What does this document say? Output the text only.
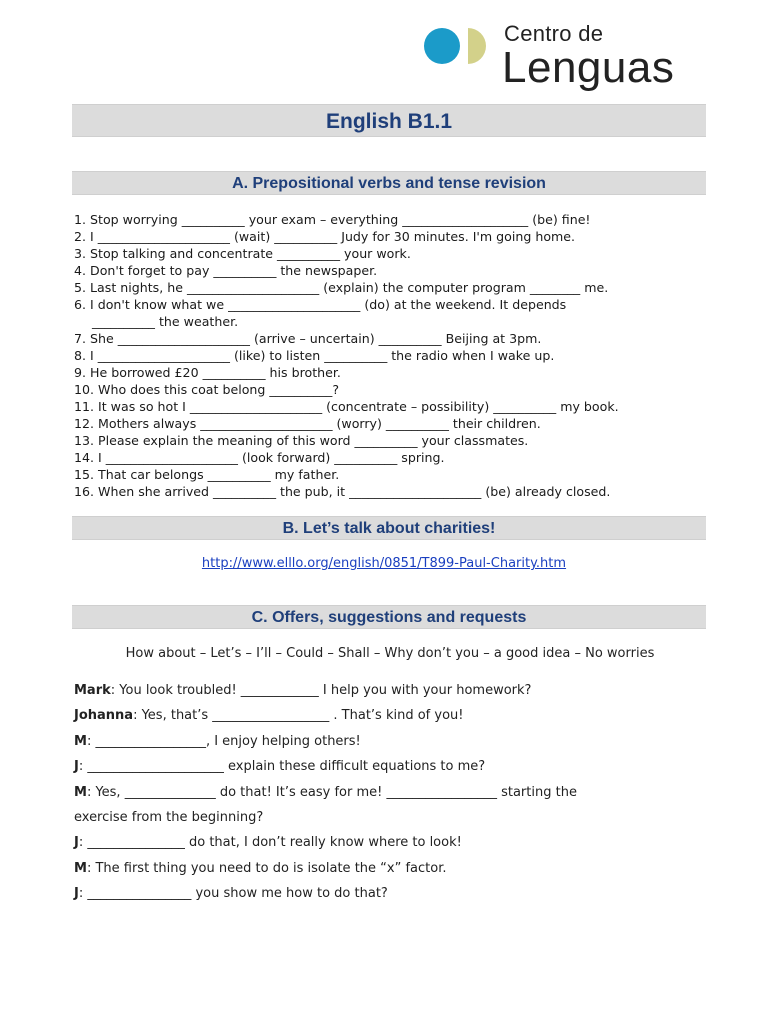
Centro de
Lenguas
English B1.1
A. Prepositional verbs and tense revision
1. Stop worrying __________ your exam – everything ____________________ (be) fine!
2. I _____________________ (wait) __________ Judy for 30 minutes. I'm going home.
3. Stop talking and concentrate __________ your work.
4. Don't forget to pay __________ the newspaper.
5. Last nights, he _____________________ (explain) the computer program ________ me.
6. I don't know what we _____________________ (do) at the weekend. It depends
__________ the weather.
7. She _____________________ (arrive – uncertain) __________ Beijing at 3pm.
8. I _____________________ (like) to listen __________ the radio when I wake up.
9. He borrowed £20 __________ his brother.
10. Who does this coat belong __________?
11. It was so hot I _____________________ (concentrate – possibility) __________ my book.
12. Mothers always _____________________ (worry) __________ their children.
13. Please explain the meaning of this word __________ your classmates.
14. I _____________________ (look forward) __________ spring.
15. That car belongs __________ my father.
16. When she arrived __________ the pub, it _____________________ (be) already closed.
B. Let’s talk about charities!
http://www.elllo.org/english/0851/T899-Paul-Charity.htm
C. Offers, suggestions and requests
How about – Let’s – I’ll – Could – Shall – Why don’t you – a good idea – No worries
Mark: You look troubled! ____________ I help you with your homework?
Johanna: Yes, that’s __________________ . That’s kind of you!
M: _________________, I enjoy helping others!
J: _____________________ explain these difficult equations to me?
M: Yes, ______________ do that! It’s easy for me! _________________ starting the
exercise from the beginning?
J: _______________ do that, I don’t really know where to look!
M: The first thing you need to do is isolate the “x” factor.
J: ________________ you show me how to do that?
